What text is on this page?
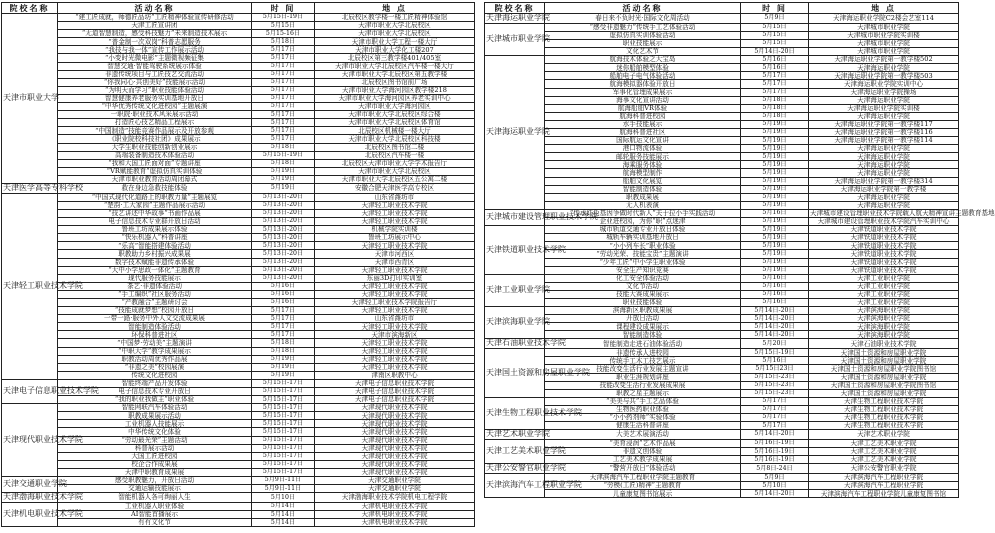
院校名称	活动名称	时 间	地 点
天津市职业大学	“建工匠成就，师德匠品坊”工匠精神体验宣传研修活动	5月15日-19日	北辰校区教学楼一楼工匠精神体验馆
	天津工匠宣讲团	5月15日	天津市职业大学北辰校区
	“无道智慧制造，感受科技魅力”未来制造技术展示	5月15-16日	天津市职业大学北辰校区
	“普金制一次双岗”科普志愿服务	5月18日	天津市职业大学工程一楼大厅
	“我技与我一体”宣传工作展示活动	5月17日	天津市职业大学化工楼207
	“小变时光微电影”主题微视频征集	5月17日	北辰校区第三教学楼401/405室
	智慧交通·智能驾驶系统展示体验	5月17日	天津市职业大学北辰校区汽车楼一楼大厅
	非遗传统项目与工匠技艺交流活动	5月17日	天津市职业大学北辰校区第五教学楼
	“你我同心·共创美好”技能展示活动	5月17日	北辰校区图书馆前广场
	“为明天而学习”职业技能体验活动	5月17日	天津市职业大学海河园区教学楼218
	智慧健康养老服务实训基地开放日	5月17日	天津市职业大学海河园区养老实训中心
	“中华优秀传统文化进校园”主题展演	5月17日	天津市职业大学海河园区
	一职院·职业技术风采展示活动	5月17日	天津市职业大学北辰校区综合楼
	打造匠心技艺精品工程展示	5月17日	天津市职业大学北辰校区体育馆
	“中国制造”技能竞赛作品展示及开放参观	5月17日	北辰校区机械楼一楼大厅
	《职业院校科技社团》成果展示	5月17日	天津市职业大学北辰校区科技楼
	大学生职业技能创新创业展示	5月18日	北辰校区图书馆二楼
	高端装备制造技术体验活动	5月15日-19日	北辰校区汽车楼一楼
	“我和大国工匠面对面”专题讲座	5月18日	北辰校区天津市职业大学学术报告厅
	“VR赋能教育”虚拟仿真实训体验	5月19日	天津市职业大学北辰校区
	天津市职业教育活动周闭幕式	5月19日	天津市职业大学北辰校区五公寓二楼
天津医学高等专科学校	救在身边急救技能体验	5月19日	安徽合肥天津医学高专校区
天津轻工职业技术学院	“中国式现代化道路上的职教力量”主题展览	5月13日-20日	山东省潍坊市
	“楚韵·工大家园”主题作品展示活动	5月13日-20日	天津轻工职业技术学院
	“技艺讲述中华故事”书画作品展	5月13日-20日	天津轻工职业技术学院
	电子信息技术专业群开放日活动	5月13日-20日	天津轻工职业技术学院
	鲁班工坊成果展示体验	5月13日-20日	机械学院实训楼
	“快乐机器人”科普讲座	5月13日-20日	鲁班工坊展示中心
	“乐高”智能搭建体验活动	5月13日-20日	天津轻工职业技术学院
	职教助力乡村振兴成果展	5月13日-20日	天津市河西区
	数字技术赋能非遗传承体验	5月13日-20日	天津市西青区
	“大中小学思政一体化”主题教育	5月13日-20日	天津轻工职业技术学院
	现代服务技能展示	5月13日-20日	东丽3D打印实训室
	茶艺·非遗体验活动	5月16日	天津轻工职业技术学院
	“手工编织”社区服务活动	5月16日	天津轻工职业技术学院
	“产教融合”主题研讨会	5月16日	天津轻工职业技术学院报告厅
	“技能成就梦想”校园开放日	5月17日	天津轻工职业技术学院
	一带一路·服务中外人文交流成果展	5月17日	山东省潍坊市
	智能制造体验活动	5月17日	天津轻工职业技术学院
	环保科普进社区	5月17日	天津市滨海新区
	“中国梦·劳动美”主题演讲	5月18日	天津轻工职业技术学院
	“中职大学”教学成果展示	5月18日	天津轻工职业技术学院
	职教活动周优秀作品展	5月19日	天津轻工职业技术学院
	“非遗之美”校园展演	5月19日	天津轻工职业技术学院
	传统文化进校园	5月19日	津南区职教中心
天津电子信息职业技术学院	智能终端产品开发体验	5月15日-17日	天津电子信息职业技术学院
	电子信息技术专业开放日	5月15日-17日	天津电子信息职业技术学院
	“我的职业我做主”职业体验	5月15日-17日	天津电子信息职业技术学院
天津现代职业技术学院	智能网联汽车体验活动	5月15日-17日	天津现代职业技术学院
	职教成果展示活动	5月15日-17日	天津现代职业技术学院
	工业机器人技能展示	5月15日-17日	天津现代职业技术学院
	中华传统文化体验	5月15日-17日	天津现代职业技术学院
	“劳动最光荣”主题活动	5月15日-17日	天津现代职业技术学院
	科普展示活动	5月15日-17日	天津现代职业技术学院
	大国工匠进校园	5月15日-17日	天津现代职业技术学院
	校企合作成果展	5月15日-17日	天津现代职业技术学院
	天津中职教育成果展	5月15日-17日	天津现代职业技术学院
天津交通职业学院	感受职教魅力，开放日活动	5月9日-11日	天津交通职业学院
	交通运输技能展示	5月9日-11日	天津交通职业学院
天津渤海职业技术学院	智能机器人各可绚丽人生	5月10日	天津渤海职业技术学院机电工程学院
天津机电职业技术学院	工业机器人职业体验	5月14日	天津机电职业技术学院
	AI智能首播展示	5月14日	天津机电职业技术学院
	有有文化节	5月14日	天津机电职业技术学院
院校名称	活动名称	时 间	地 点
天津海运职业学院	春日来不负时光·国际文化周活动	5月9日	天津海运职业学院C2楼会艺室114
天津城市职业学院	“感受非遗魅力”传统手工艺体验活动	5月15日	天津城市职业学院
	虚拟仿真实训体验活动	5月15日	天津城市职业学院实训楼
	职业技能展示	5月15日	天津城市职业学院
	文化艺术节	5月14日-20日	天津城市职业学院
天津海运职业学院	航海技术体验之大宝岛	5月16日	天津海运职业学院第一教学楼502
	迷你船舶模型体验	5月16日	天津海运职业学院
	船舶电子电气体验活动	5月17日	天津海运职业学院第一教学楼503
	航海模拟器体验开放日	5月17日	天津海运职业学院实训中心
	军事化管理成果展示	5月17日	天津海运职业学院操场
	海事文化宣讲活动	5月18日	天津海运职业学院
	航海船舶VR体验	5月18日	天津海运职业学院实训楼
	航海科普进校园	5月18日	天津海运职业学院
	水手技能展示	5月19日	天津海运职业学院第一教学楼117
	航海科普进社区	5月19日	天津海运职业学院第一教学楼116
	国际航运文化宣讲	5月19日	天津海运职业学院第一教学楼114
	港口物流体验	5月19日	天津海运职业学院
	邮轮服务技能展示	5月19日	天津海运职业学院
	海乘服务体验	5月19日	天津海运职业学院
	航海模型制作	5月19日	天津海运职业学院
	船舶文化展览	5月19日	天津海运职业学院第一教学楼314
	智能制造体验	5月19日	天津海运职业学院第一教学楼
	职教成果展	5月19日	天津海运职业学院
	无人机表演	5月19日	天津海运职业学院
天津城市建设管理职业技术学院	“传承红色基因争做时代新人”关于拉小手实践活动	5月16日	天津城市建设管理职业技术学院载人航天精神宣讲主题教育基地
	企业进校园，为你“职”点迷津	5月19日	天津城市建设管理职业技术学院汽车实训中心
天津铁道职业技术学院	城市轨道交通专业开放日体验	5月19日	天津铁道职业技术学院
	城轨车辆实训基地开放日	5月19日	天津铁道职业技术学院
	“小小列车长”职业体验	5月19日	天津铁道职业技术学院
	“劳动光荣、技能宝贵”主题演讲	5月19日	天津铁道职业技术学院
	“少年工匠”中小学生职业体验	5月19日	天津铁道职业技术学院
	安全生产知识竞赛	5月19日	天津铁道职业技术学院
天津工业职业学院	化工安全体验活动	5月16日	天津工业职业学院
	文化节活动	5月16日	天津工业职业学院
	技能大赛成果展示	5月16日	天津工业职业学院
	职业技能体验	5月16日	天津工业职业学院
天津滨海职业学院	滨海新区职教成果展	5月14日-20日	天津滨海职业学院
	开放日活动	5月14日-20日	天津滨海职业学院
	课程建设成果展示	5月14日-20日	天津滨海职业学院
	智能制造体验	5月14日-20日	天津滨海职业学院
天津石油职业技术学院	智能制造走进石油体验活动	5月20日	天津石油职业技术学院
天津国土资源和房屋职业学院	非遗传承人进校园	5月15日-19日	天津国土资源和房屋职业学院
	传统手工木工技艺展示	5月16日	天津国土资源和房屋职业学院
	技能改变生活行业发展主题宣讲	5月15日23日	天津国土资源和房屋职业学院图书馆
	职业生涯规划讲座	5月15日-23日	天津国土资源和房屋职业学院
	技能改变生活行业发展成果展	5月15日-23日	天津国土资源和房屋职业学院图书馆
	职教之星主题展示	5月15日-23日	天津国土资源和房屋职业学院
天津生物工程职业技术学院	“美美与共”手工艺品体验	5月17日	天津生物工程职业技术学院
	生物医药职业体验	5月17日	天津生物工程职业技术学院
	“小小药剂师”实验体验	5月17日	天津生物工程职业技术学院
	健康生活科普讲座	5月17日	天津生物工程职业技术学院
天津艺术职业学院	大美艺术展演活动	5月14日-20日	天津艺术职业学院
天津工艺美术职业学院	“美育浸润”艺术作品展	5月16日-19日	天津工艺美术职业学院
	非遗文创体验	5月16日-19日	天津工艺美术职业学院
	工艺美术教学成果展	5月16日-19日	天津工艺美术职业学院
天津公安警官职业学院	“警营开放日”体验活动	5月8日-24日	天津公安警官职业学院
天津滨海汽车工程职业学院	天津滨海汽车工程职业学院主题教育	5月9日	天津滨海汽车工程职业学院
	“劳模(工匠)精神”主题教育	5月10日	天津滨海汽车工程职业学院
	儿童康复图书馆展示	5月14日-20日	天津滨海汽车工程职业学院儿童康复图书馆
